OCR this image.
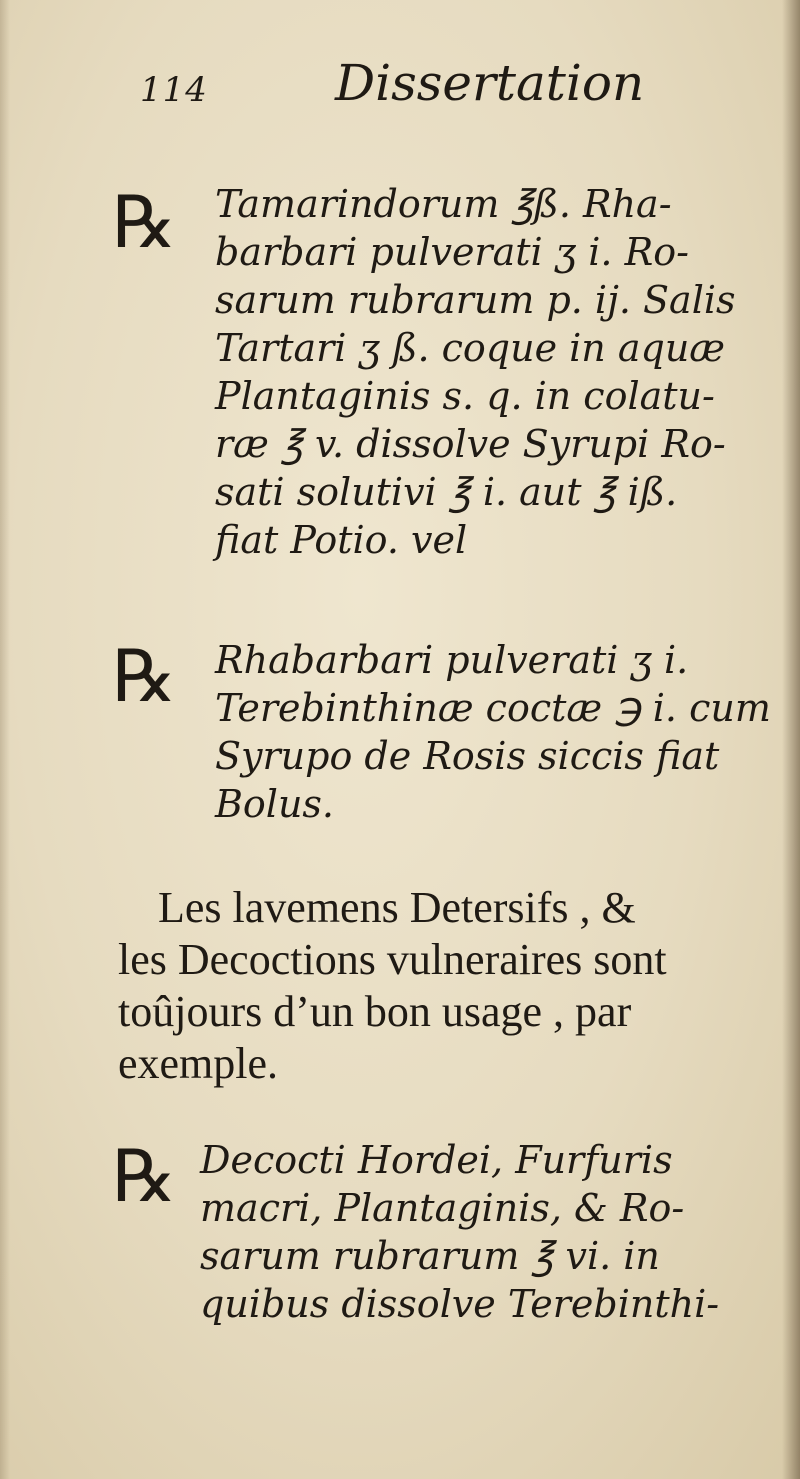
114	Dissertation
℞ Tamarindorum ℥ß. Rha-
barbari pulverati ʒ i. Ro-
sarum rubrarum p. ij. Salis
Tartari ʒ ß. coque in aquæ
Plantaginis s. q. in colatu-
ræ ℥ v. dissolve Syrupi Ro-
sati solutivi ℥ i. aut ℥ iß.
fiat Potio. vel
℞ Rhabarbari pulverati ʒ i.
Terebinthinæ coctæ ℈ i. cum
Syrupo de Rosis siccis fiat
Bolus.
Les lavemens Detersifs , &
les Decoctions vulneraires sont
toûjours d’un bon usage , par
exemple.
℞ Decocti Hordei, Furfuris
macri, Plantaginis, & Ro-
sarum rubrarum ℥ vi. in
quibus dissolve Terebinthi-
